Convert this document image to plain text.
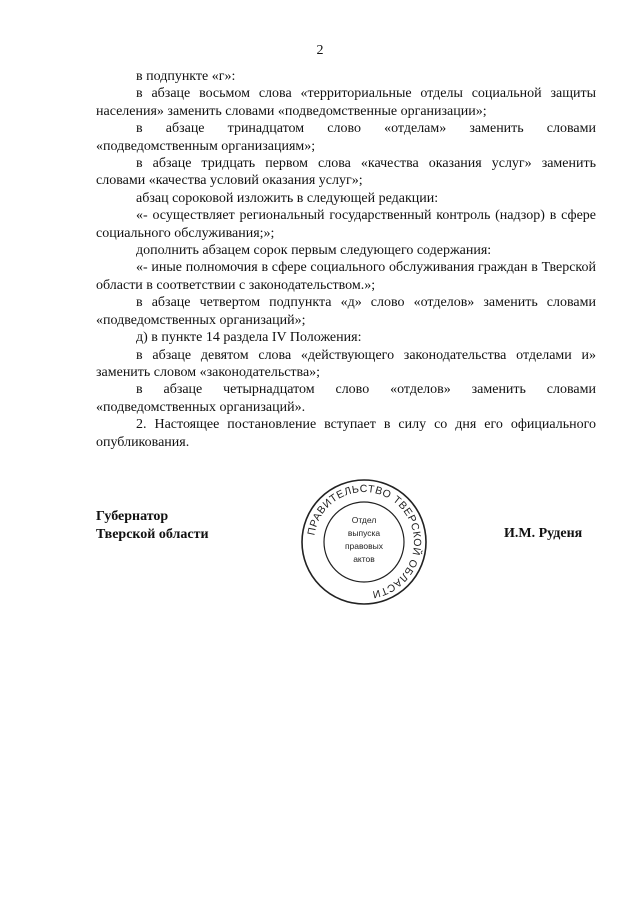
2

в подпункте «г»:

в абзаце восьмом слова «территориальные отделы социальной защиты населения» заменить словами «подведомственные организации»;

в абзаце тринадцатом слово «отделам» заменить словами «подведомственным организациям»;

в абзаце тридцать первом слова «качества оказания услуг» заменить словами «качества условий оказания услуг»;

абзац сороковой изложить в следующей редакции:

«- осуществляет региональный государственный контроль (надзор) в сфере социального обслуживания;»;

дополнить абзацем сорок первым следующего содержания:

«- иные полномочия в сфере социального обслуживания граждан в Тверской области в соответствии с законодательством.»;

в абзаце четвертом подпункта «д» слово «отделов» заменить словами «подведомственных организаций»;

д) в пункте 14 раздела IV Положения:

в абзаце девятом слова «действующего законодательства отделами и» заменить словом «законодательства»;

в абзаце четырнадцатом слово «отделов» заменить словами «подведомственных организаций».

2. Настоящее постановление вступает в силу со дня его официального опубликования.

Губернатор
Тверской области	И.М. Руденя
ПРАВИТЕЛЬСТВО ТВЕРСКОЙ ОБЛАСТИ
Отдел
выпуска
правовых
актов
